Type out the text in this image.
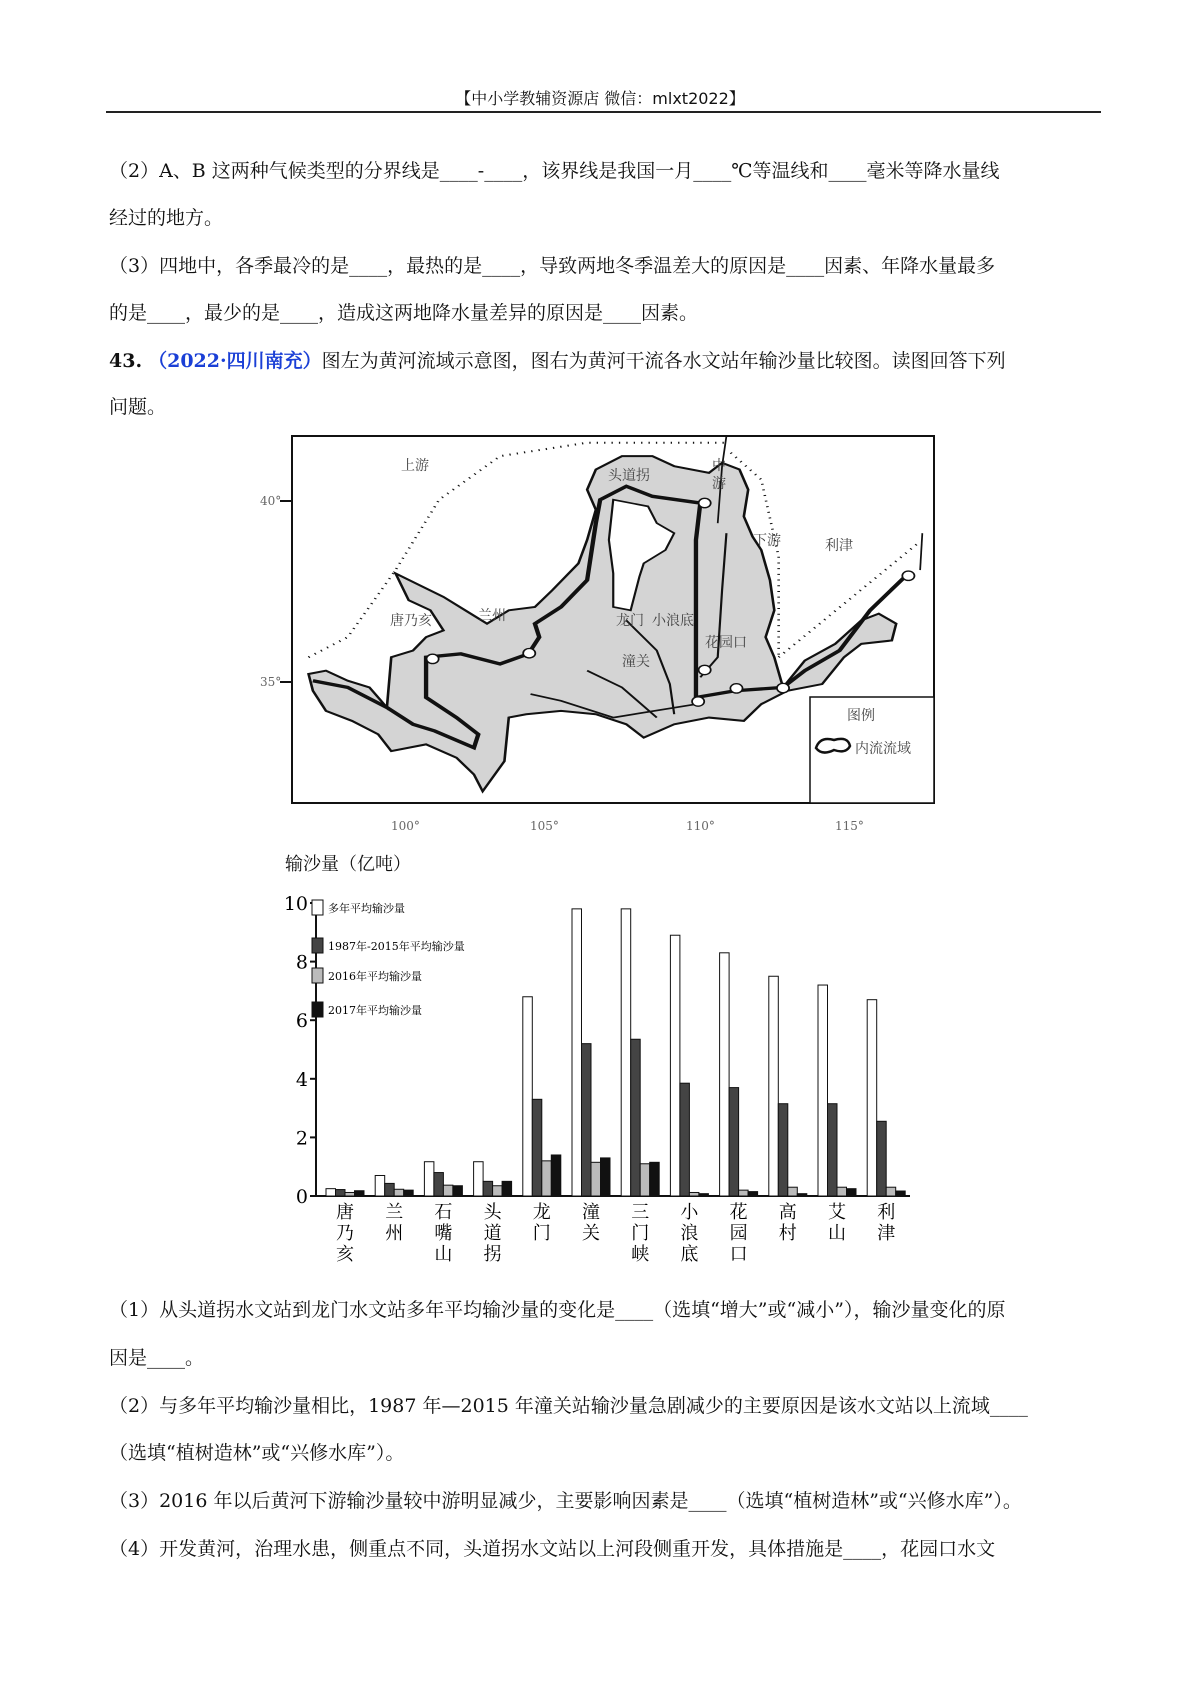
【中小学教辅资源店 微信：mlxt2022】
（2）A、B 这两种气候类型的分界线是____-____，该界线是我国一月____℃等温线和____毫米等降水量线
经过的地方。
（3）四地中，各季最冷的是____，最热的是____，导致两地冬季温差大的原因是____因素、年降水量最多
的是____，最少的是____，造成这两地降水量差异的原因是____因素。
43. （2022·四川南充）图左为黄河流域示意图，图右为黄河干流各水文站年输沙量比较图。读图回答下列
问题。
上游	中
游
下游
头道拐
唐乃亥	兰州	龙门 小浪底
潼关
花园口
利津
图例
内流流域
40°
35°
100°	105°	110°	115°
输沙量（亿吨）
0
2
4
6
8
10
唐
乃
亥
兰
州
石
嘴
山
头
道
拐
龙
门
潼
关
三
门
峡
小
浪
底
花
园
口
高
村
艾
山
利
津
多年平均输沙量
1987年-2015年平均输沙量
2016年平均输沙量
2017年平均输沙量
（1）从头道拐水文站到龙门水文站多年平均输沙量的变化是____（选填“增大”或“减小”），输沙量变化的原
因是____。
（2）与多年平均输沙量相比，1987 年—2015 年潼关站输沙量急剧减少的主要原因是该水文站以上流域____
（选填“植树造林”或“兴修水库”）。
（3）2016 年以后黄河下游输沙量较中游明显减少，主要影响因素是____（选填“植树造林”或“兴修水库”）。
（4）开发黄河，治理水患，侧重点不同，头道拐水文站以上河段侧重开发，具体措施是____，花园口水文
